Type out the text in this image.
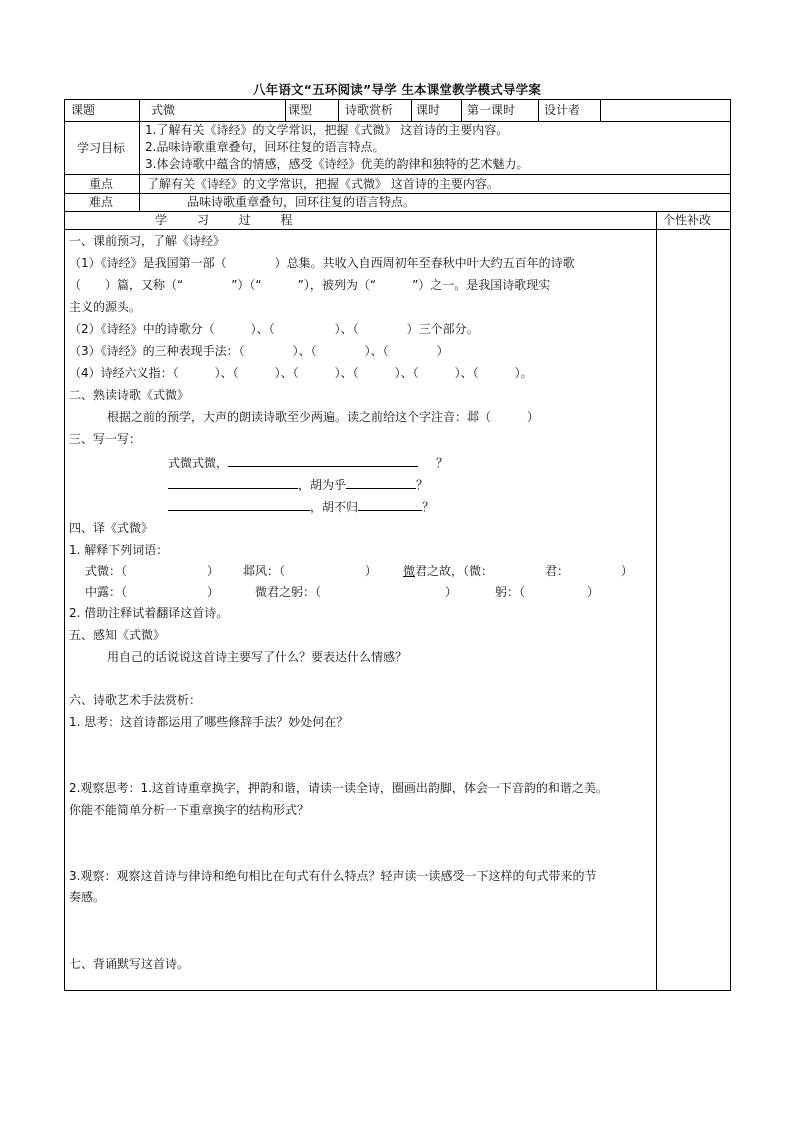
八年语文“五环阅读”导学 生本课堂教学模式导学案
课题	式微	课型	诗歌赏析 课时 第一课时 设计者
学习目标
1.了解有关《诗经》的文学常识，把握《式微》 这首诗的主要内容。
2.品味诗歌重章叠句，回环往复的语言特点。
3.体会诗歌中蕴含的情感，感受《诗经》优美的韵律和独特的艺术魅力。
重点	了解有关《诗经》的文学常识，把握《式微》 这首诗的主要内容。
难点	品味诗歌重章叠句，回环往复的语言特点。
学 习 过 程	个性补改
一、课前预习，了解《诗经》
（1）《诗经》是我国第一部（　　　　）总集。共收入自西周初年至春秋中叶大约五百年的诗歌
（　　）篇，又称（“　　　　”）（“　　　”），被列为（“　　　”）之一。是我国诗歌现实
主义的源头。
（2）《诗经》中的诗歌分（　　　）、（　　　　　）、（　　　　）三个部分。
（3）《诗经》的三种表现手法：（　　　　）、（　　　　）、（　　　　）
（4）诗经六义指：（　　　）、（　　　）、（　　　）、（　　　）、（　　　）、（　　　）。
二、熟读诗歌《式微》
根据之前的预学，大声的朗读诗歌至少两遍。读之前给这个字注音：邶（　　　）
三、写一写：
式微式微，	？
，胡为乎	？
，胡不归	？
四、译《式微》
1. 解释下列词语：
式微：（	） 邶风：（	） 微君之故，（微：	君：	）
中露：（	）	微君之躬：（	）	躬：（	）
2. 借助注释试着翻译这首诗。
五、感知《式微》
用自己的话说说这首诗主要写了什么？要表达什么情感？
六、诗歌艺术手法赏析：
1. 思考：这首诗都运用了哪些修辞手法？妙处何在？
2.观察思考：1.这首诗重章换字，押韵和谐，请读一读全诗，圈画出韵脚，体会一下音韵的和谐之美。
你能不能简单分析一下重章换字的结构形式？
3.观察：观察这首诗与律诗和绝句相比在句式有什么特点？轻声读一读感受一下这样的句式带来的节
奏感。
七、背诵默写这首诗。
